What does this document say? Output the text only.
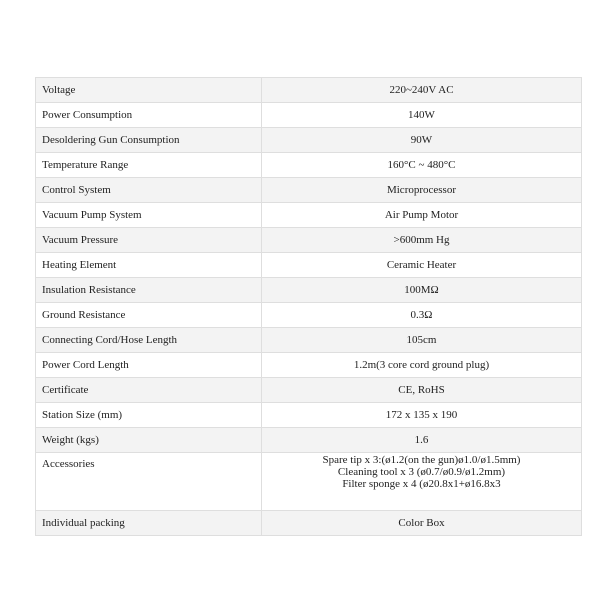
Voltage	220~240V AC
Power Consumption	140W
Desoldering Gun Consumption	90W
Temperature Range	160°C ~ 480°C
Control System	Microprocessor
Vacuum Pump System	Air Pump Motor
Vacuum Pressure	>600mm Hg
Heating Element	Ceramic Heater
Insulation Resistance	100MΩ
Ground Resistance	0.3Ω
Connecting Cord/Hose Length	105cm
Power Cord Length	1.2m(3 core cord ground plug)
Certificate	CE, RoHS
Station Size (mm)	172 x 135 x 190
Weight (kgs)	1.6
Accessories	Spare tip x 3:(ø1.2(on the gun)ø1.0/ø1.5mm)
Cleaning tool x 3 (ø0.7/ø0.9/ø1.2mm)
Filter sponge x 4 (ø20.8x1+ø16.8x3

Individual packing	Color Box
